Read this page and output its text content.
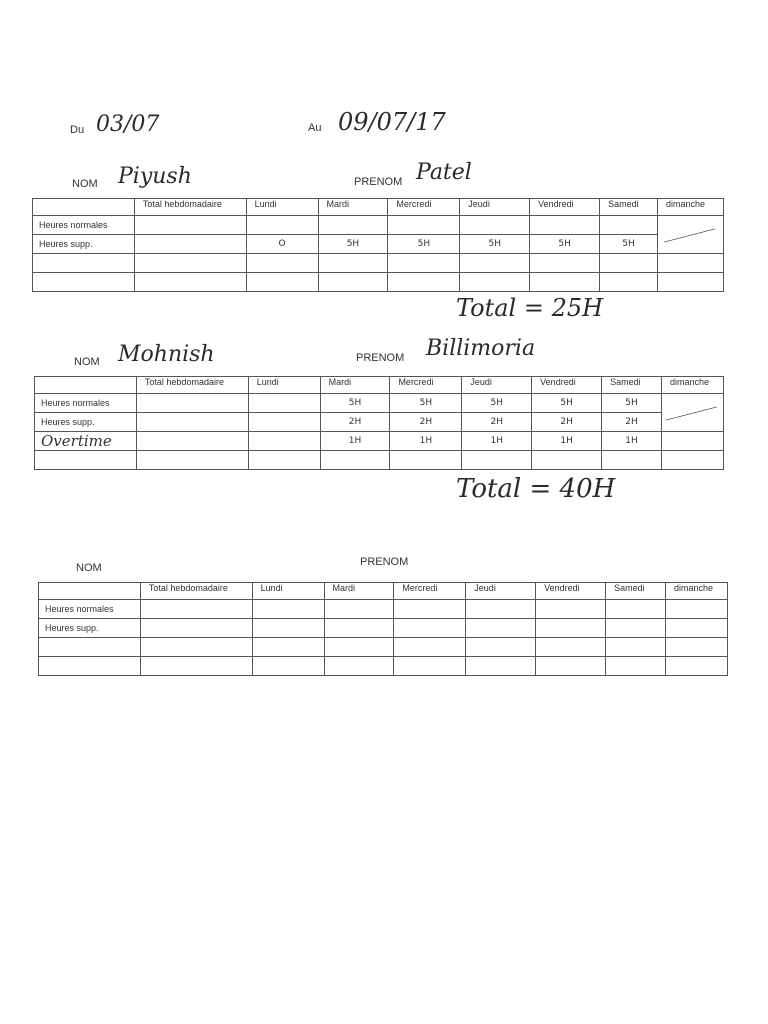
Du 03/07	Au 09/07/17
NOM Piyush	PRENOM Patel
	Total hebdomadaire	Lundi	Mardi	Mercredi	Jeudi	Vendredi	Samedi	dimanche
Heures normales								

Heures supp.		O	5H	5H	5H	5H	5H	

Total = 25H
NOM Mohnish	PRENOM Billimoria
	Total hebdomadaire	Lundi	Mardi	Mercredi	Jeudi	Vendredi	Samedi	dimanche
Heures normales			5H	5H	5H	5H	5H	

Heures supp.			2H	2H	2H	2H	2H	
Overtime			1H	1H	1H	1H	1H	

Total = 40H
NOM	PRENOM
	Total hebdomadaire	Lundi	Mardi	Mercredi	Jeudi	Vendredi	Samedi	dimanche
Heures normales								
Heures supp.								
